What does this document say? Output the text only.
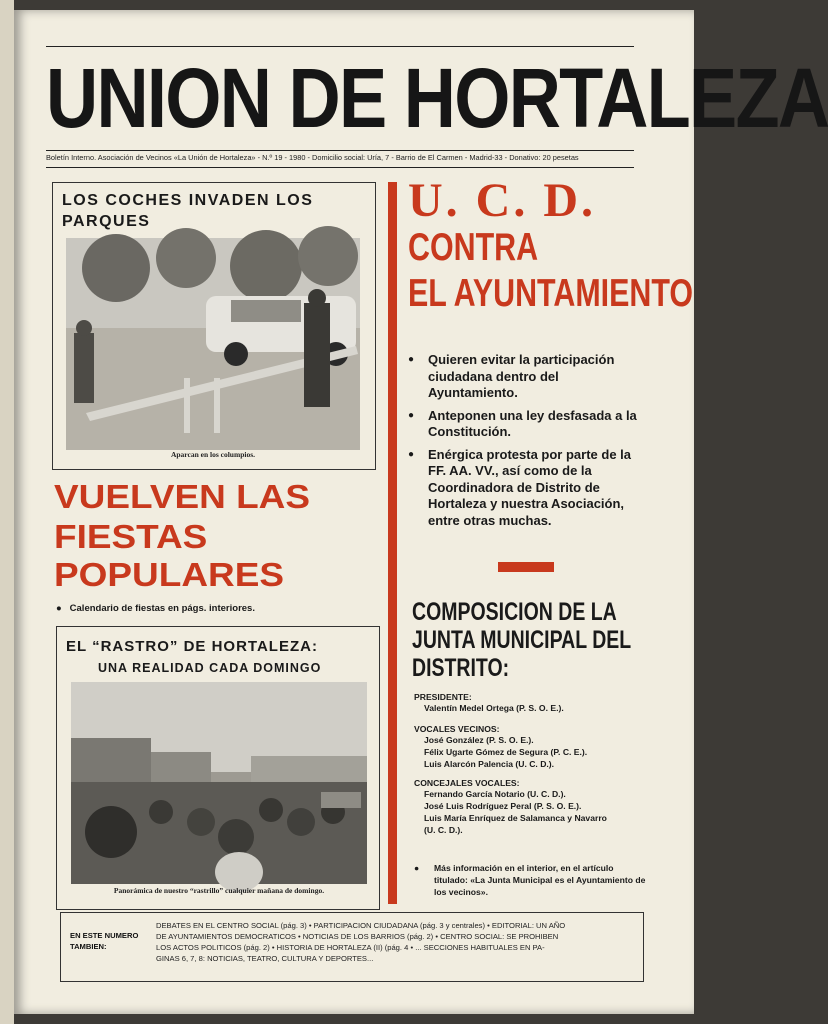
UNION DE HORTALEZA
Boletín Interno. Asociación de Vecinos «La Unión de Hortaleza» - N.º 19 - 1980 - Domicilio social: Uría, 7 - Barrio de El Carmen - Madrid-33 - Donativo: 20 pesetas
LOS COCHES INVADEN LOS PARQUES
Aparcan en los columpios.
VUELVEN LAS
FIESTAS
POPULARES
●   Calendario de fiestas en págs. interiores.
EL “RASTRO” DE HORTALEZA:
UNA REALIDAD CADA DOMINGO
Panorámica de nuestro “rastrillo” cualquier mañana de domingo.
U. C. D.
CONTRA
EL AYUNTAMIENTO
● Quieren evitar la participación ciudadana dentro del Ayuntamiento.
● Anteponen una ley desfasada a la Constitución.
● Enérgica protesta por parte de la FF. AA. VV., así como de la Coordinadora de Distrito de Hortaleza y nuestra Asociación, entre otras muchas.
COMPOSICION DE LA
JUNTA MUNICIPAL DEL
DISTRITO:
PRESIDENTE:
Valentín Medel Ortega (P. S. O. E.).
VOCALES VECINOS:
José González (P. S. O. E.).
Félix Ugarte Gómez de Segura (P. C. E.).
Luis Alarcón Palencia (U. C. D.).
CONCEJALES VOCALES:
Fernando García Notario (U. C. D.).
José Luis Rodríguez Peral (P. S. O. E.).
Luis María Enríquez de Salamanca y Navarro
(U. C. D.).
●	Más información en el interior, en el artículo titulado: «La Junta Municipal es el Ayuntamiento de los vecinos».
EN ESTE NUMERO TAMBIEN:
DEBATES EN EL CENTRO SOCIAL (pág. 3) • PARTICIPACION CIUDADANA (pág. 3 y centrales) • EDITORIAL: UN AÑO
DE AYUNTAMIENTOS DEMOCRATICOS • NOTICIAS DE LOS BARRIOS (pág. 2) • CENTRO SOCIAL: SE PROHIBEN
LOS ACTOS POLITICOS (pág. 2) • HISTORIA DE HORTALEZA (II) (pág. 4 • ... SECCIONES HABITUALES EN PA-
GINAS 6, 7, 8: NOTICIAS, TEATRO, CULTURA Y DEPORTES...
